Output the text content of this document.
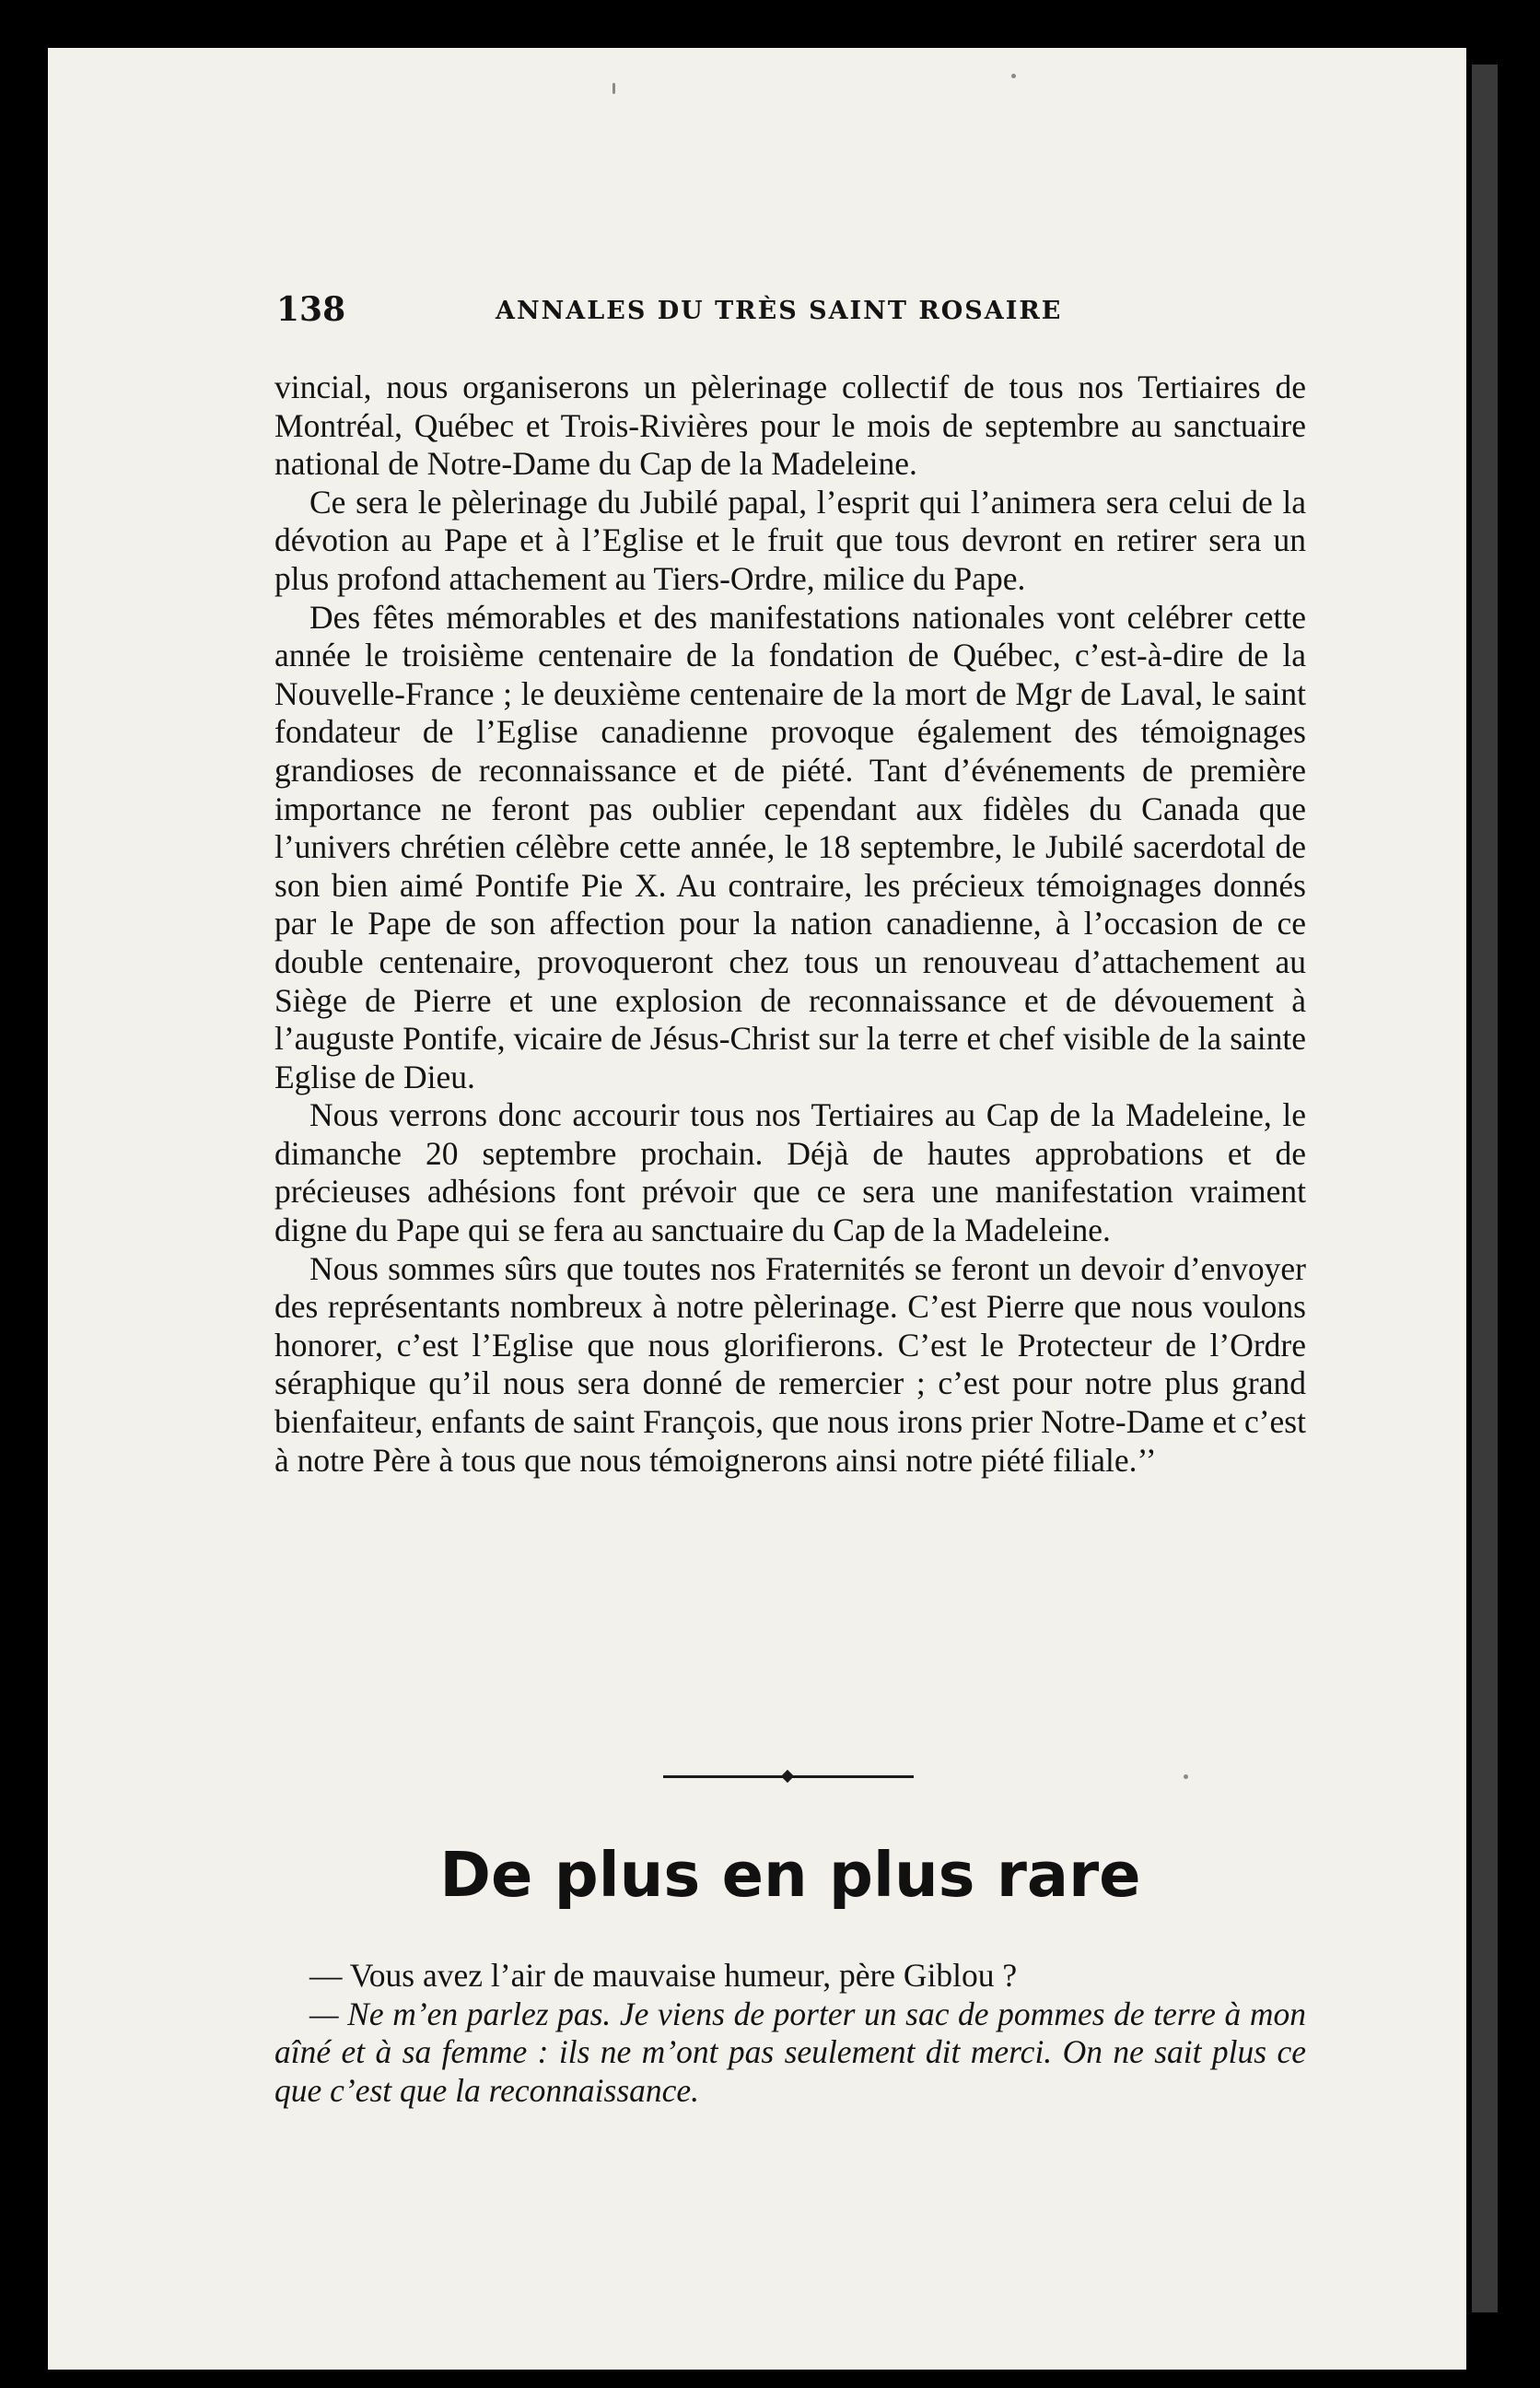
138	ANNALES DU TRÈS SAINT ROSAIRE

vincial, nous organiserons un pèlerinage collectif de tous nos Tertiaires de Montréal, Québec et Trois-Rivières pour le mois de septembre au sanctuaire national de Notre-Dame du Cap de la Madeleine.

Ce sera le pèlerinage du Jubilé papal, l’esprit qui l’animera sera celui de la dévotion au Pape et à l’Eglise et le fruit que tous devront en retirer sera un plus profond attachement au Tiers-Ordre, milice du Pape.

Des fêtes mémorables et des manifestations nationales vont celébrer cette année le troisième centenaire de la fondation de Québec, c’est-à-dire de la Nouvelle-France ; le deuxième centenaire de la mort de Mgr de Laval, le saint fondateur de l’Eglise canadienne provoque également des témoignages grandioses de reconnaissance et de piété. Tant d’événements de première importance ne feront pas oublier cependant aux fidèles du Canada que l’univers chrétien célèbre cette année, le 18 septembre, le Jubilé sacerdotal de son bien aimé Pontife Pie X. Au contraire, les précieux témoignages donnés par le Pape de son affection pour la nation canadienne, à l’occasion de ce double centenaire, provoqueront chez tous un renouveau d’attachement au Siège de Pierre et une explosion de reconnaissance et de dévouement à l’auguste Pontife, vicaire de Jésus-Christ sur la terre et chef visible de la sainte Eglise de Dieu.

Nous verrons donc accourir tous nos Tertiaires au Cap de la Madeleine, le dimanche 20 septembre prochain. Déjà de hautes approbations et de précieuses adhésions font prévoir que ce sera une manifestation vraiment digne du Pape qui se fera au sanctuaire du Cap de la Madeleine.

Nous sommes sûrs que toutes nos Fraternités se feront un devoir d’envoyer des représentants nombreux à notre pèlerinage. C’est Pierre que nous voulons honorer, c’est l’Eglise que nous glorifierons. C’est le Protecteur de l’Ordre séraphique qu’il nous sera donné de remercier ; c’est pour notre plus grand bienfaiteur, enfants de saint François, que nous irons prier Notre-Dame et c’est à notre Père à tous que nous témoignerons ainsi notre piété filiale.’’

De plus en plus rare

— Vous avez l’air de mauvaise humeur, père Giblou ?

— Ne m’en parlez pas. Je viens de porter un sac de pommes de terre à mon aîné et à sa femme : ils ne m’ont pas seulement dit merci. On ne sait plus ce que c’est que la reconnaissance.
